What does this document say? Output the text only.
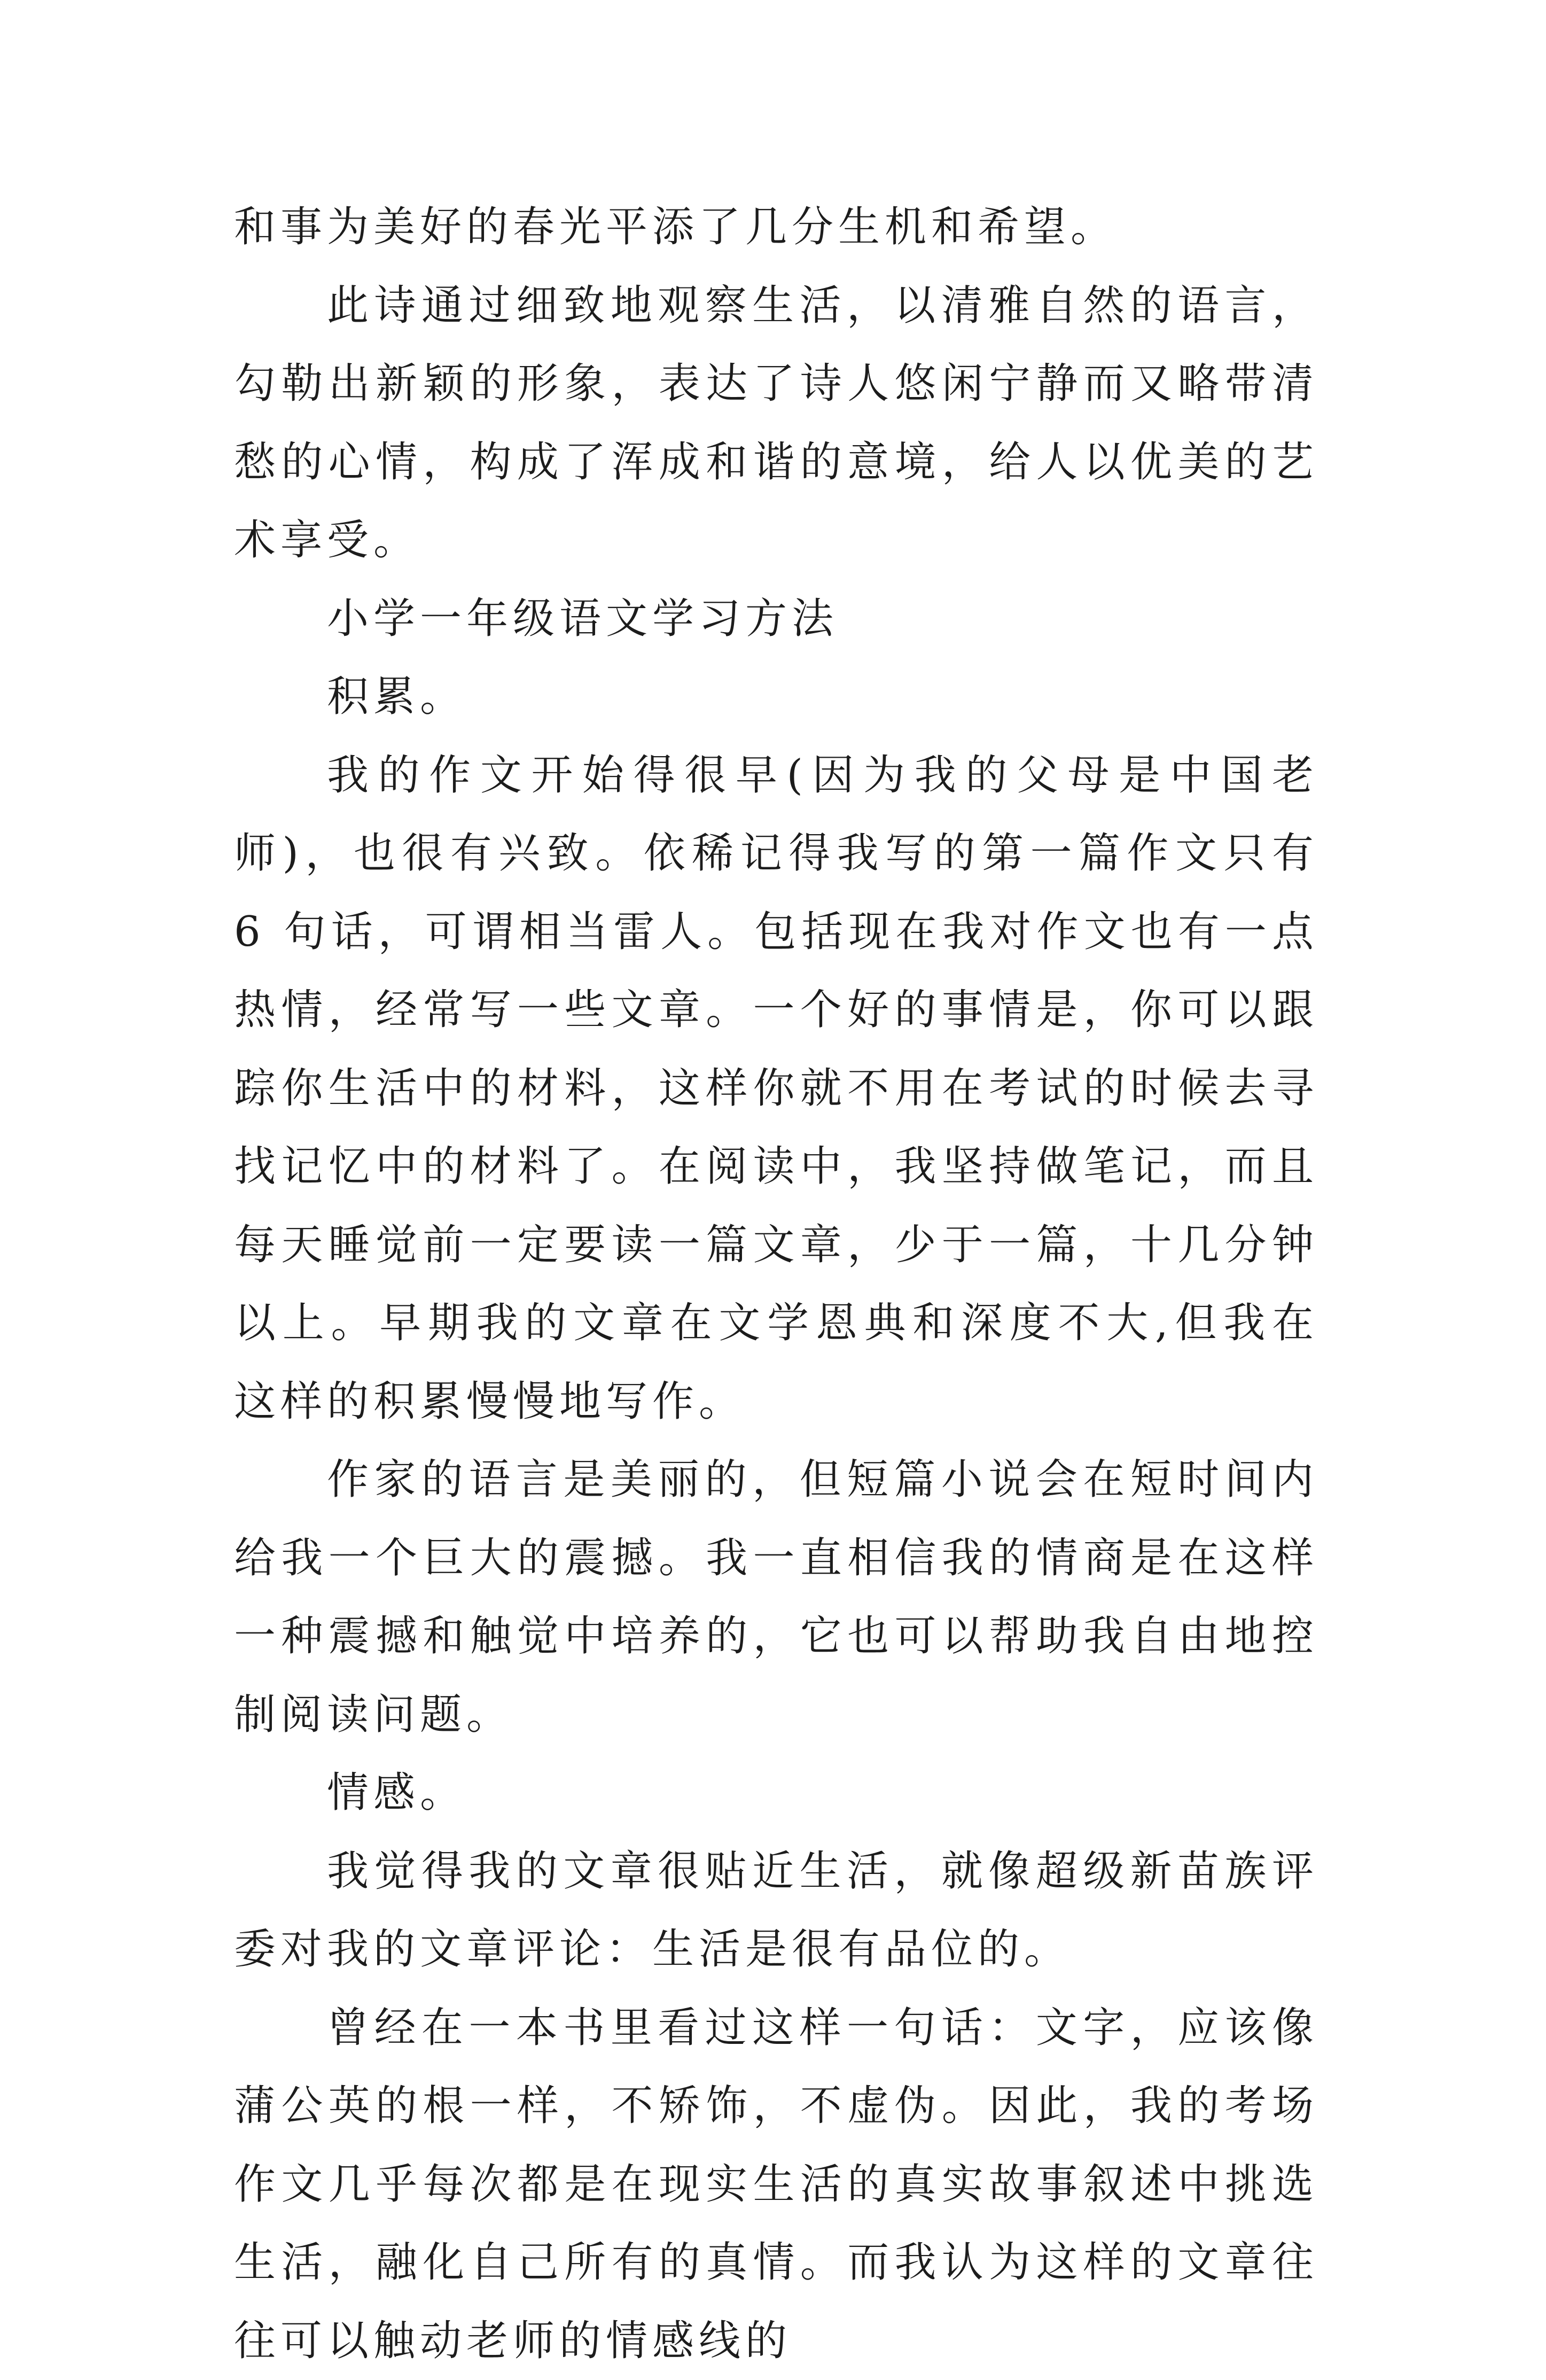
和事为美好的春光平添了几分生机和希望。

此诗通过细致地观察生活，以清雅自然的语言，勾勒出新颖的形象，表达了诗人悠闲宁静而又略带清愁的心情，构成了浑成和谐的意境，给人以优美的艺术享受。

小学一年级语文学习方法

积累。

我的作文开始得很早(因为我的父母是中国老师)，也很有兴致。依稀记得我写的第一篇作文只有 6 句话，可谓相当雷人。包括现在我对作文也有一点热情，经常写一些文章。一个好的事情是，你可以跟踪你生活中的材料，这样你就不用在考试的时候去寻找记忆中的材料了。在阅读中，我坚持做笔记，而且每天睡觉前一定要读一篇文章，少于一篇，十几分钟以上。早期我的文章在文学恩典和深度不大,但我在这样的积累慢慢地写作。

作家的语言是美丽的，但短篇小说会在短时间内给我一个巨大的震撼。我一直相信我的情商是在这样一种震撼和触觉中培养的，它也可以帮助我自由地控制阅读问题。

情感。

我觉得我的文章很贴近生活，就像超级新苗族评委对我的文章评论：生活是很有品位的。

曾经在一本书里看过这样一句话：文字，应该像蒲公英的根一样，不矫饰，不虚伪。因此，我的考场作文几乎每次都是在现实生活的真实故事叙述中挑选生活，融化自己所有的真情。而我认为这样的文章往往可以触动老师的情感线的
